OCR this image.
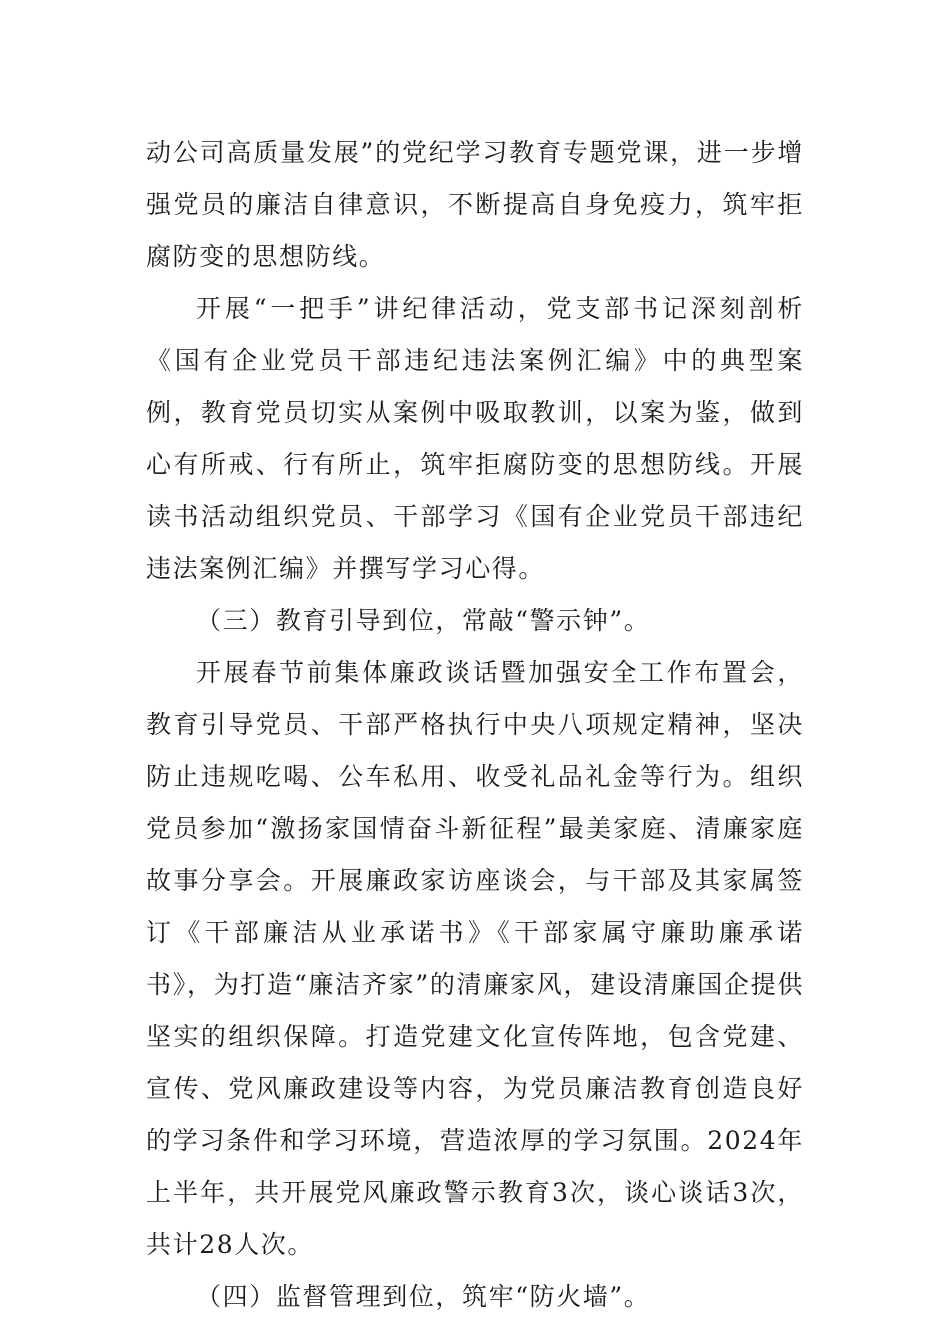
动公司高质量发展”的党纪学习教育专题党课，进一步增强党员的廉洁自律意识，不断提高自身免疫力，筑牢拒腐防变的思想防线。

开展“一把手”讲纪律活动，党支部书记深刻剖析《国有企业党员干部违纪违法案例汇编》中的典型案例，教育党员切实从案例中吸取教训，以案为鉴，做到心有所戒、行有所止，筑牢拒腐防变的思想防线。开展读书活动组织党员、干部学习《国有企业党员干部违纪违法案例汇编》并撰写学习心得。

（三）教育引导到位，常敲“警示钟”。

开展春节前集体廉政谈话暨加强安全工作布置会，教育引导党员、干部严格执行中央八项规定精神，坚决防止违规吃喝、公车私用、收受礼品礼金等行为。组织党员参加“激扬家国情奋斗新征程”最美家庭、清廉家庭故事分享会。开展廉政家访座谈会，与干部及其家属签订《干部廉洁从业承诺书》《干部家属守廉助廉承诺书》，为打造“廉洁齐家”的清廉家风，建设清廉国企提供坚实的组织保障。打造党建文化宣传阵地，包含党建、宣传、党风廉政建设等内容，为党员廉洁教育创造良好的学习条件和学习环境，营造浓厚的学习氛围。2024年上半年，共开展党风廉政警示教育3次，谈心谈话3次，共计28人次。

（四）监督管理到位，筑牢“防火墙”。
